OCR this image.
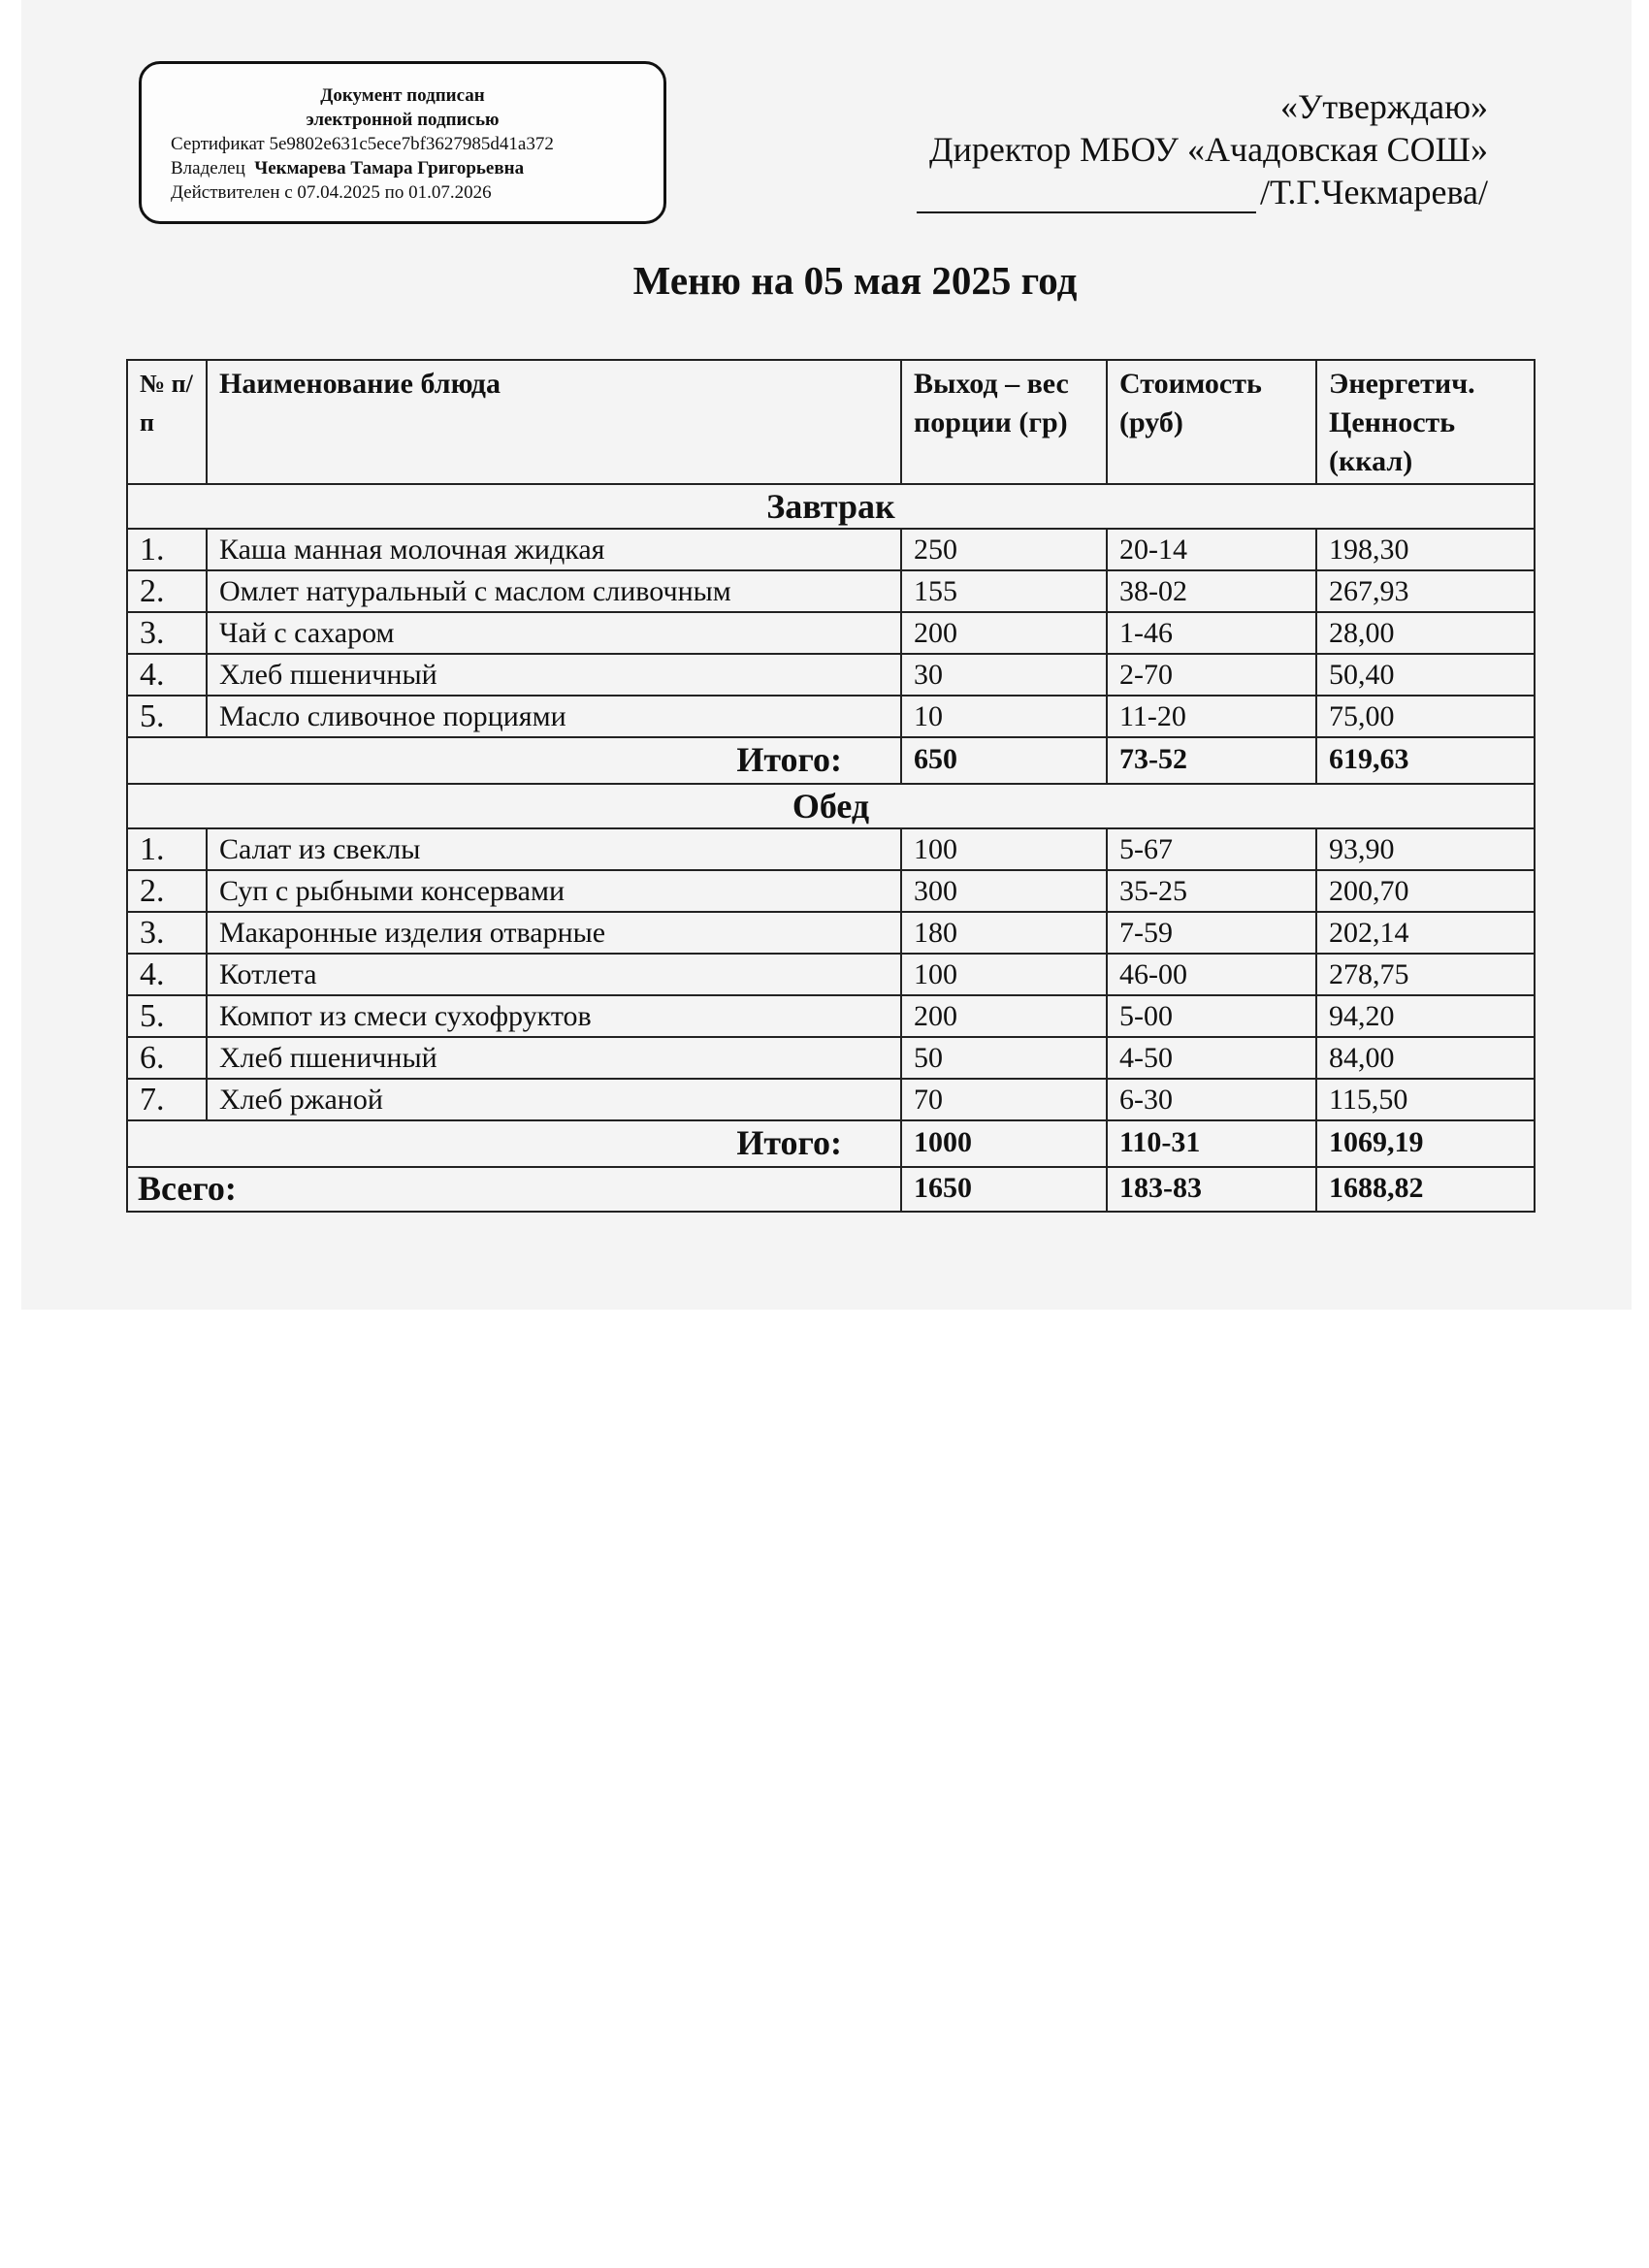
Документ подписан
электронной подписью
Сертификат 5e9802e631c5ece7bf3627985d41a372
Владелец Чекмарева Тамара Григорьевна
Действителен с 07.04.2025 по 01.07.2026
«Утверждаю»
Директор МБОУ «Ачадовская СОШ»
/Т.Г.Чекмарева/
Меню на 05 мая 2025 год
№ п/п	Наименование блюда	Выход – вес порции (гр)	Стоимость (руб)	Энергетич. Ценность (ккал)
Завтрак				
1.	Каша манная молочная жидкая	250	20-14	198,30
2.	Омлет натуральный с маслом сливочным	155	38-02	267,93
3.	Чай с сахаром	200	1-46	28,00
4.	Хлеб пшеничный	30	2-70	50,40
5.	Масло сливочное порциями	10	11-20	75,00
Итого:		650	73-52	619,63
Обед				
1.	Салат из свеклы	100	5-67	93,90
2.	Суп с рыбными консервами	300	35-25	200,70
3.	Макаронные изделия отварные	180	7-59	202,14
4.	Котлета	100	46-00	278,75
5.	Компот из смеси сухофруктов	200	5-00	94,20
6.	Хлеб пшеничный	50	4-50	84,00
7.	Хлеб ржаной	70	6-30	115,50
Итого:		1000	110-31	1069,19
Всего:		1650	183-83	1688,82
